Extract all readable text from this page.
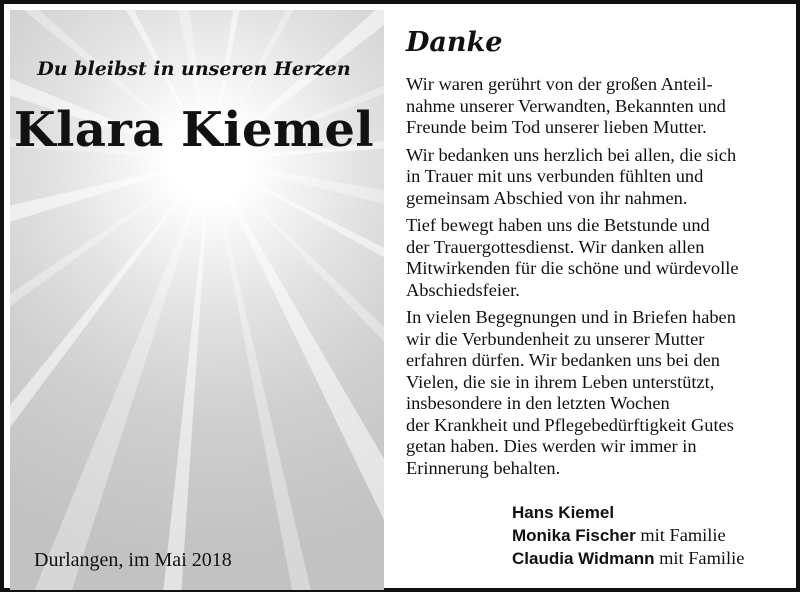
Du bleibst in unseren Herzen
Klara Kiemel
Durlangen, im Mai 2018
Danke
Wir waren gerührt von der großen Anteil-
nahme unserer Verwandten, Bekannten und
Freunde beim Tod unserer lieben Mutter.
Wir bedanken uns herzlich bei allen, die sich
in Trauer mit uns verbunden fühlten und
gemeinsam Abschied von ihr nahmen.
Tief bewegt haben uns die Betstunde und
der Trauergottesdienst. Wir danken allen
Mitwirkenden für die schöne und würdevolle
Abschiedsfeier.
In vielen Begegnungen und in Briefen haben
wir die Verbundenheit zu unserer Mutter
erfahren dürfen. Wir bedanken uns bei den
Vielen, die sie in ihrem Leben unterstützt,
insbesondere in den letzten Wochen
der Krankheit und Pflegebedürftigkeit Gutes
getan haben. Dies werden wir immer in
Erinnerung behalten.
Hans Kiemel
Monika Fischer mit Familie
Claudia Widmann mit Familie
